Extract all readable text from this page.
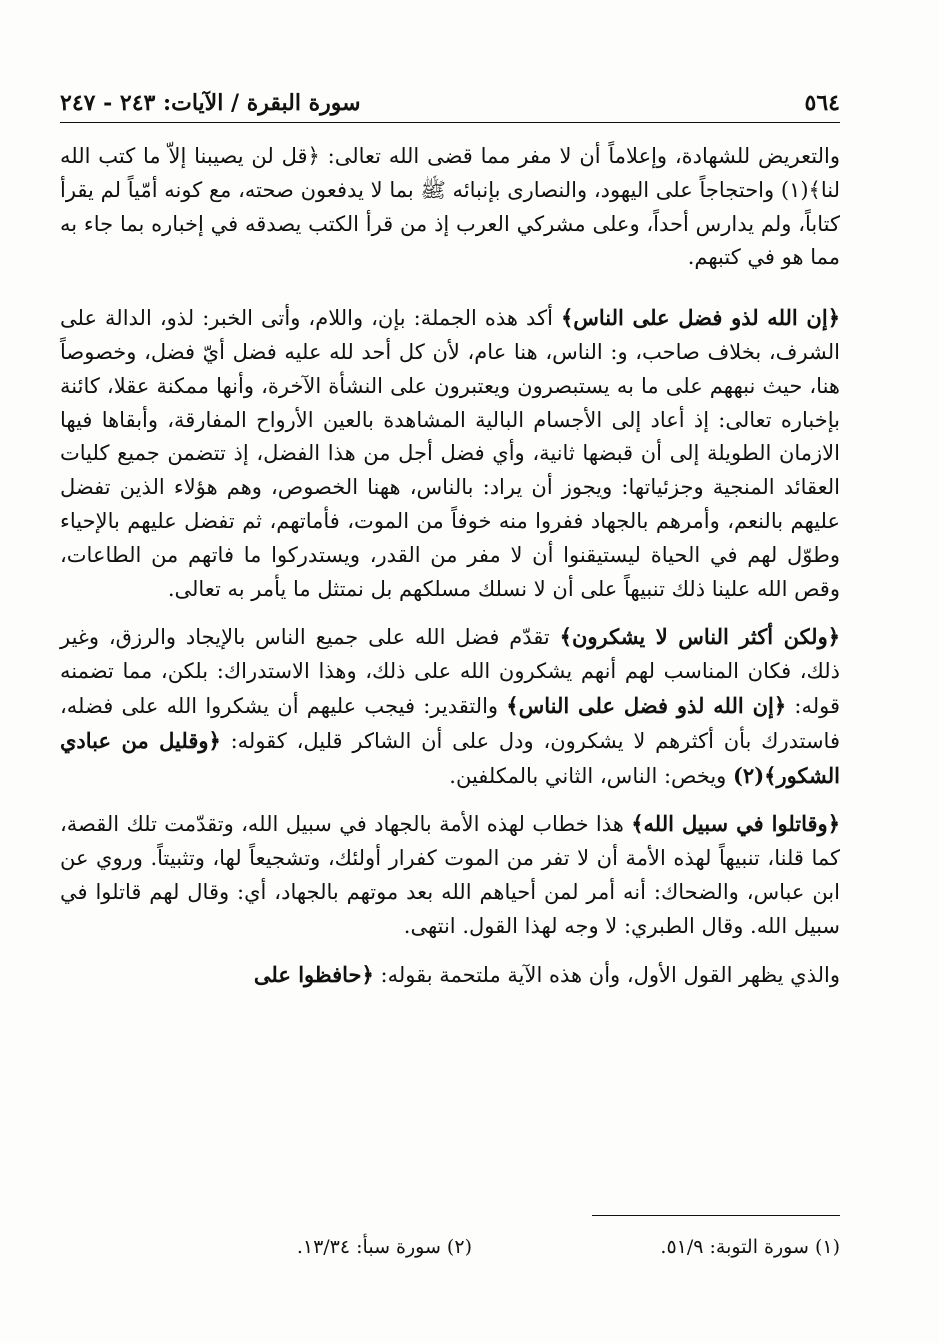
٥٦٤
سورة البقرة / الآيات: ٢٤٣ - ٢٤٧

والتعريض للشهادة، وإعلاماً أن لا مفر مما قضى الله تعالى: ﴿قل لن يصيبنا إلاّ ما كتب الله لنا﴾(١) واحتجاجاً على اليهود، والنصارى بإنبائه ﷺ بما لا يدفعون صحته، مع كونه أمّياً لم يقرأ كتاباً، ولم يدارس أحداً، وعلى مشركي العرب إذ من قرأ الكتب يصدقه في إخباره بما جاء به مما هو في كتبهم.

﴿إن الله لذو فضل على الناس﴾ أكد هذه الجملة: بإن، واللام، وأتى الخبر: لذو، الدالة على الشرف، بخلاف صاحب، و: الناس، هنا عام، لأن كل أحد لله عليه فضل أيّ فضل، وخصوصاً هنا، حيث نبههم على ما به يستبصرون ويعتبرون على النشأة الآخرة، وأنها ممكنة عقلا، كائنة بإخباره تعالى: إذ أعاد إلى الأجسام البالية المشاهدة بالعين الأرواح المفارقة، وأبقاها فيها الازمان الطويلة إلى أن قبضها ثانية، وأي فضل أجل من هذا الفضل، إذ تتضمن جميع كليات العقائد المنجية وجزئياتها: ويجوز أن يراد: بالناس، ههنا الخصوص، وهم هؤلاء الذين تفضل عليهم بالنعم، وأمرهم بالجهاد ففروا منه خوفاً من الموت، فأماتهم، ثم تفضل عليهم بالإحياء وطوّل لهم في الحياة ليستيقنوا أن لا مفر من القدر، ويستدركوا ما فاتهم من الطاعات، وقص الله علينا ذلك تنبيهاً على أن لا نسلك مسلكهم بل نمتثل ما يأمر به تعالى.

﴿ولكن أكثر الناس لا يشكرون﴾ تقدّم فضل الله على جميع الناس بالإيجاد والرزق، وغير ذلك، فكان المناسب لهم أنهم يشكرون الله على ذلك، وهذا الاستدراك: بلكن، مما تضمنه قوله: ﴿إن الله لذو فضل على الناس﴾ والتقدير: فيجب عليهم أن يشكروا الله على فضله، فاستدرك بأن أكثرهم لا يشكرون، ودل على أن الشاكر قليل، كقوله: ﴿وقليل من عبادي الشكور﴾(٢) ويخص: الناس، الثاني بالمكلفين.

﴿وقاتلوا في سبيل الله﴾ هذا خطاب لهذه الأمة بالجهاد في سبيل الله، وتقدّمت تلك القصة، كما قلنا، تنبيهاً لهذه الأمة أن لا تفر من الموت كفرار أولئك، وتشجيعاً لها، وتثبيتاً. وروي عن ابن عباس، والضحاك: أنه أمر لمن أحياهم الله بعد موتهم بالجهاد، أي: وقال لهم قاتلوا في سبيل الله. وقال الطبري: لا وجه لهذا القول. انتهى.

والذي يظهر القول الأول، وأن هذه الآية ملتحمة بقوله: ﴿حافظوا على

(١) سورة التوبة: ٥١/٩.
(٢) سورة سبأ: ١٣/٣٤.
